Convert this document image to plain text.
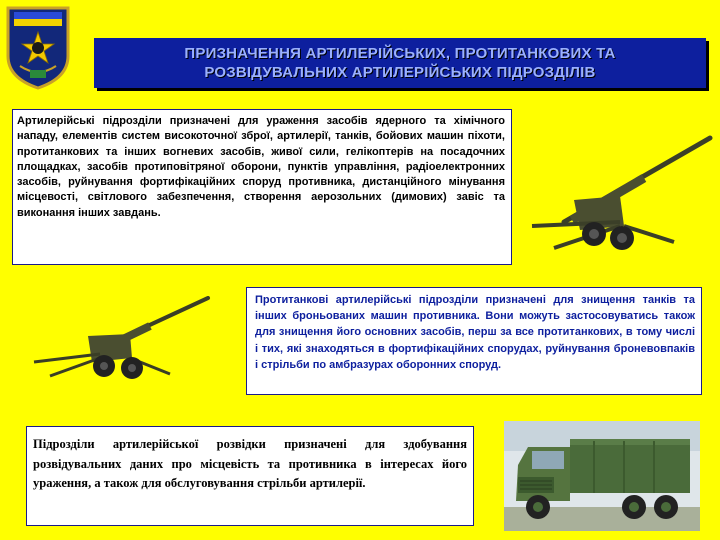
ПРИЗНАЧЕННЯ АРТИЛЕРІЙСЬКИХ, ПРОТИТАНКОВИХ ТА
РОЗВІДУВАЛЬНИХ АРТИЛЕРІЙСЬКИХ ПІДРОЗДІЛІВ
Артилерійські підрозділи призначені для ураження засобів ядерного та хімічного нападу, елементів систем високоточної зброї, артилерії, танків, бойових машин піхоти, протитанкових та інших вогневих засобів, живої сили, гелікоптерів на посадочних площадках, засобів протиповітряної оборони, пунктів управління, радіоелектронних засобів, руйнування фортифікаційних споруд противника, дистанційного мінування місцевості, світлового забезпечення, створення аерозольних (димових) завіс та виконання інших завдань.
Протитанкові артилерійські підрозділи призначені для знищення танків та інших броньованих машин противника. Вони можуть застосовуватись також для знищення його основних засобів, перш за все протитанкових, в тому числі і тих, які знаходяться в фортифікаційних спорудах, руйнування броневовпаків і стрільби по амбразурах оборонних споруд.
Підрозділи артилерійської розвідки призначені для здобування розвідувальних даних про місцевість та противника в інтересах його ураження, а також для обслуговування стрільби артилерії.
